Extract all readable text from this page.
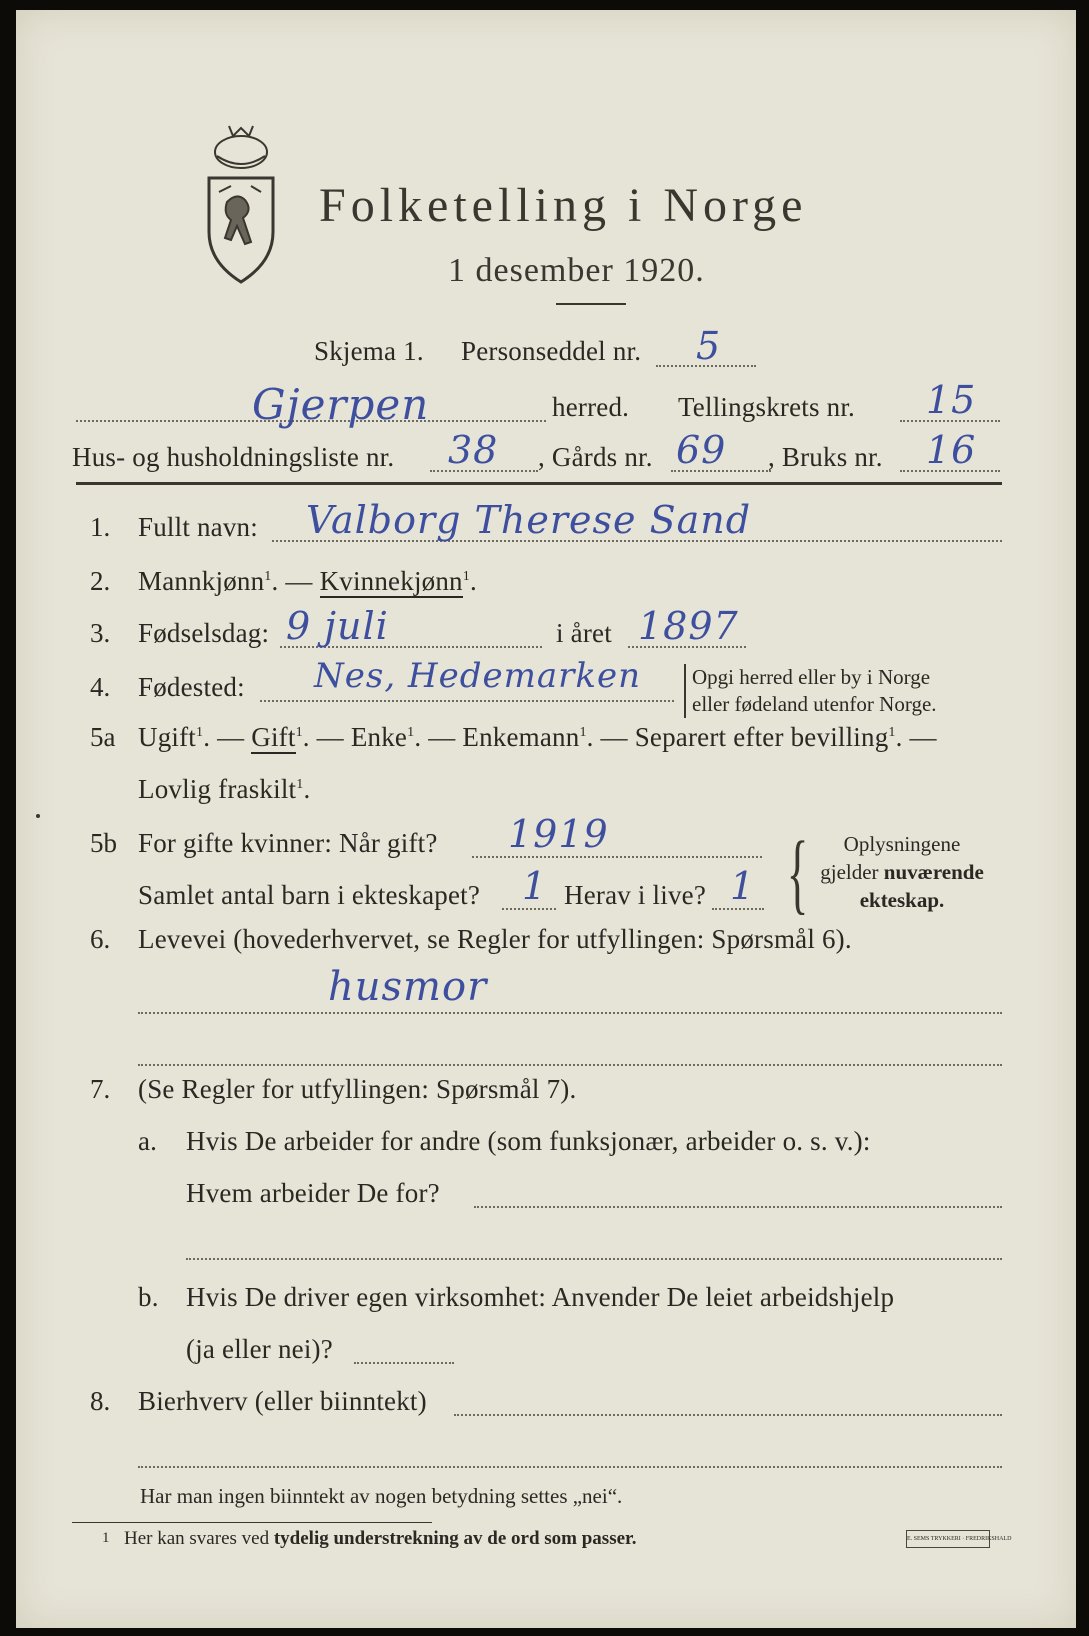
Folketelling i Norge
1 desember 1920.
Skjema 1. Personseddel nr. 5
Gjerpen	herred. Tellingskrets nr. 15
Hus- og husholdningsliste nr. 38 , Gårds nr. 69 , Bruks nr. 16
1. Fullt navn: Valborg Therese Sand
2. Mannkjønn$^1$. — Kvinnekjønn$^1$.
3. Fødselsdag: 9 juli	i året 1897
4. Fødested: Nes, Hedemarken Opgi herred eller by i Norge
eller fødeland utenfor Norge.
5a Ugift$^1$. — Gift$^1$. — Enke$^1$. — Enkemann$^1$. — Separert efter bevilling$^1$. —
Lovlig fraskilt$^1$.
5b For gifte kvinner: Når gift? 1919
Samlet antal barn i ekteskapet? 1 Herav i live? 1 {	Oplysningene
gjelder nuværende
ekteskap.
6. Levevei (hovederhvervet, se Regler for utfyllingen: Spørsmål 6).
husmor
7. (Se Regler for utfyllingen: Spørsmål 7).
a. Hvis De arbeider for andre (som funksjonær, arbeider o. s. v.):
Hvem arbeider De for?
b. Hvis De driver egen virksomhet: Anvender De leiet arbeidshjelp
(ja eller nei)?
8. Bierhverv (eller biinntekt)
Har man ingen biinntekt av nogen betydning settes „nei“.
1 Her kan svares ved tydelig understrekning av de ord som passer.	E. SEMS TRYKKERI · FREDRIKSHALD
